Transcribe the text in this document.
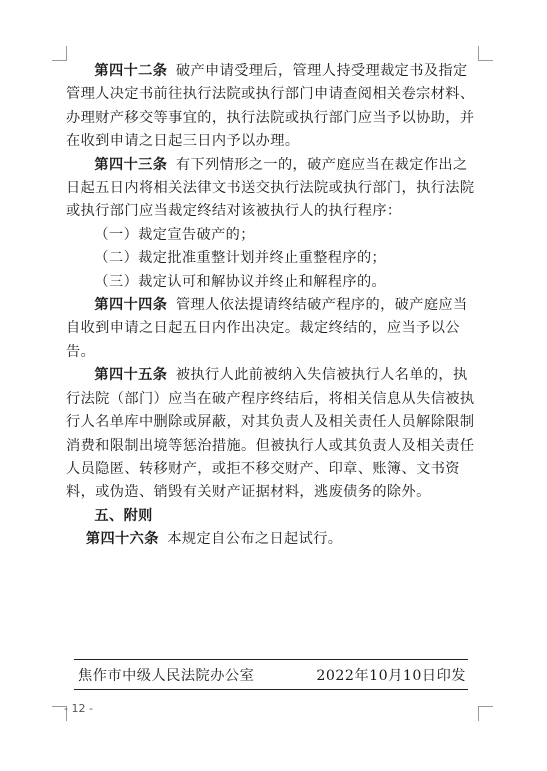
第四十二条 破产申请受理后，管理人持受理裁定书及指定管理人决定书前往执行法院或执行部门申请查阅相关卷宗材料、办理财产移交等事宜的，执行法院或执行部门应当予以协助，并在收到申请之日起三日内予以办理。

第四十三条 有下列情形之一的，破产庭应当在裁定作出之日起五日内将相关法律文书送交执行法院或执行部门，执行法院或执行部门应当裁定终结对该被执行人的执行程序：

（一）裁定宣告破产的；

（二）裁定批准重整计划并终止重整程序的；

（三）裁定认可和解协议并终止和解程序的。

第四十四条 管理人依法提请终结破产程序的，破产庭应当自收到申请之日起五日内作出决定。裁定终结的，应当予以公告。

第四十五条 被执行人此前被纳入失信被执行人名单的，执行法院（部门）应当在破产程序终结后，将相关信息从失信被执行人名单库中删除或屏蔽，对其负责人及相关责任人员解除限制消费和限制出境等惩治措施。但被执行人或其负责人及相关责任人员隐匿、转移财产，或拒不移交财产、印章、账簿、文书资料，或伪造、销毁有关财产证据材料，逃废债务的除外。

五、附则

第四十六条 本规定自公布之日起试行。

焦作市中级人民法院办公室	2022年10月10日印发
- 12 -
